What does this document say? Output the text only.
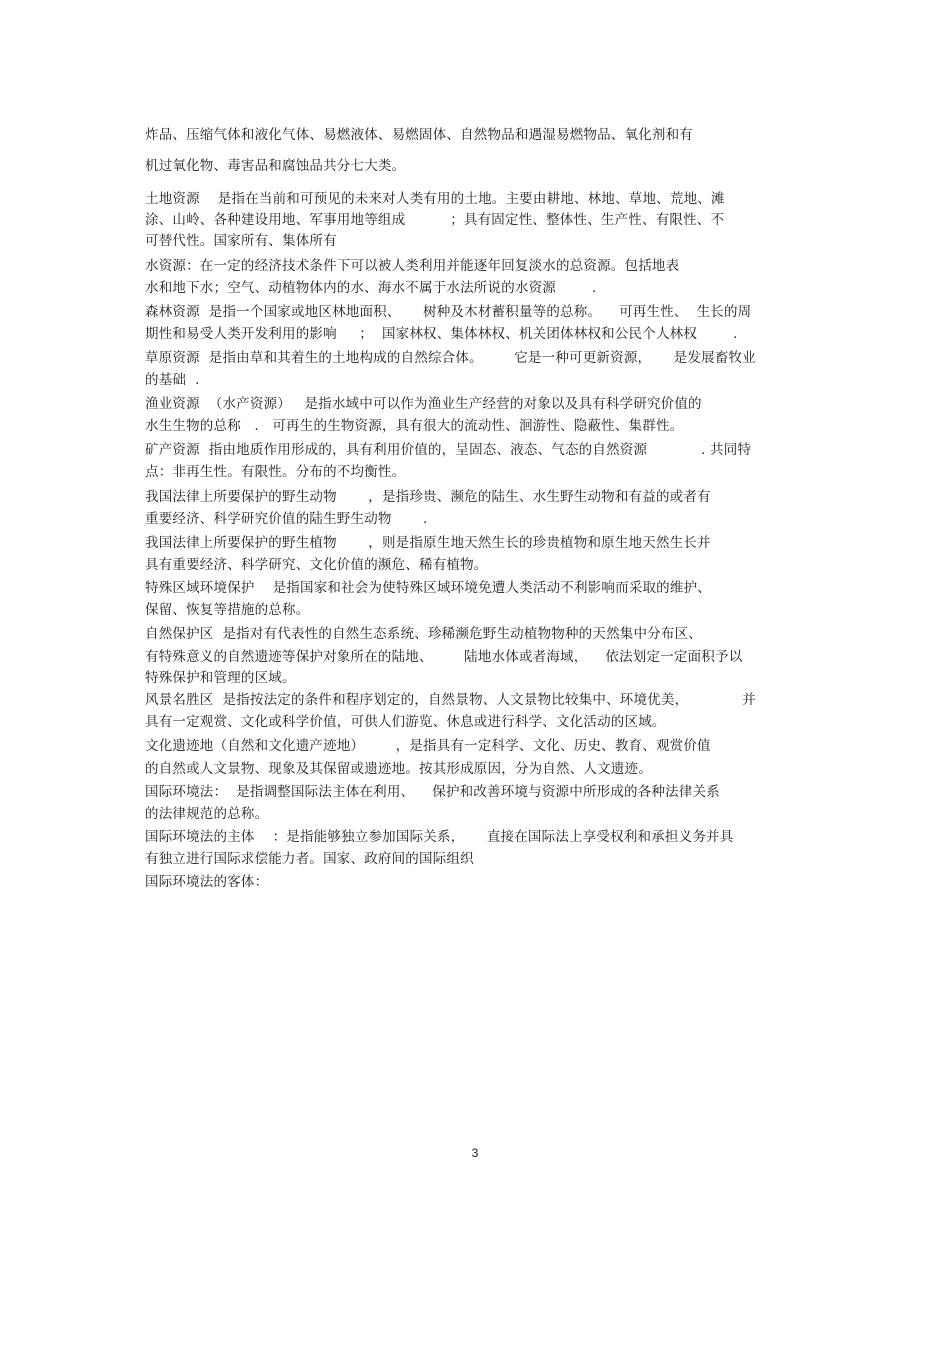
炸品、压缩气体和液化气体、易燃液体、易燃固体、自然物品和遇湿易燃物品、氧化剂和有
机过氧化物、毒害品和腐蚀品共分七大类。
土地资源    是指在当前和可预见的未来对人类有用的土地。主要由耕地、林地、草地、荒地、滩
涂、山岭、各种建设用地、军事用地等组成          ；具有固定性、整体性、生产性、有限性、不
可替代性。国家所有、集体所有
水资源：在一定的经济技术条件下可以被人类利用并能逐年回复淡水的总资源。包括地表
水和地下水；空气、动植物体内的水、海水不属于水法所说的水资源        .
森林资源  是指一个国家或地区林地面积、     树种及木材蓄积量等的总称。    可再生性、  生长的周
期性和易受人类开发利用的影响     ；  国家林权、集体林权、机关团体林权和公民个人林权        .
草原资源  是指由草和其着生的土地构成的自然综合体。       它是一种可更新资源，     是发展畜牧业
的基础  .
渔业资源  （水产资源）   是指水域中可以作为渔业生产经营的对象以及具有科学研究价值的
水生生物的总称   .   可再生的生物资源，具有很大的流动性、洄游性、隐蔽性、集群性。
矿产资源  指由地质作用形成的，具有利用价值的，呈固态、液态、气态的自然资源            . 共同特
点：非再生性。有限性。分布的不均衡性。
我国法律上所要保护的野生动物       ，是指珍贵、濒危的陆生、水生野生动物和有益的或者有
重要经济、科学研究价值的陆生野生动物       .
我国法律上所要保护的野生植物       ，则是指原生地天然生长的珍贵植物和原生地天然生长并
具有重要经济、科学研究、文化价值的濒危、稀有植物。
特殊区域环境保护    是指国家和社会为使特殊区域环境免遭人类活动不利影响而采取的维护、
保留、恢复等措施的总称。
自然保护区  是指对有代表性的自然生态系统、珍稀濒危野生动植物物种的天然集中分布区、
有特殊意义的自然遗迹等保护对象所在的陆地、       陆地水体或者海域，    依法划定一定面积予以
特殊保护和管理的区域。
风景名胜区  是指按法定的条件和程序划定的，自然景物、人文景物比较集中、环境优美，            并
具有一定观赏、文化或科学价值，可供人们游览、休息或进行科学、文化活动的区域。
文化遗迹地（自然和文化遗产迹地）       ，是指具有一定科学、文化、历史、教育、观赏价值
的自然或人文景物、现象及其保留或遗迹地。按其形成原因，分为自然、人文遗迹。
国际环境法：  是指调整国际法主体在利用、    保护和改善环境与资源中所形成的各种法律关系
的法律规范的总称。
国际环境法的主体    ：是指能够独立参加国际关系，     直接在国际法上享受权利和承担义务并具
有独立进行国际求偿能力者。国家、政府间的国际组织
国际环境法的客体：
3
